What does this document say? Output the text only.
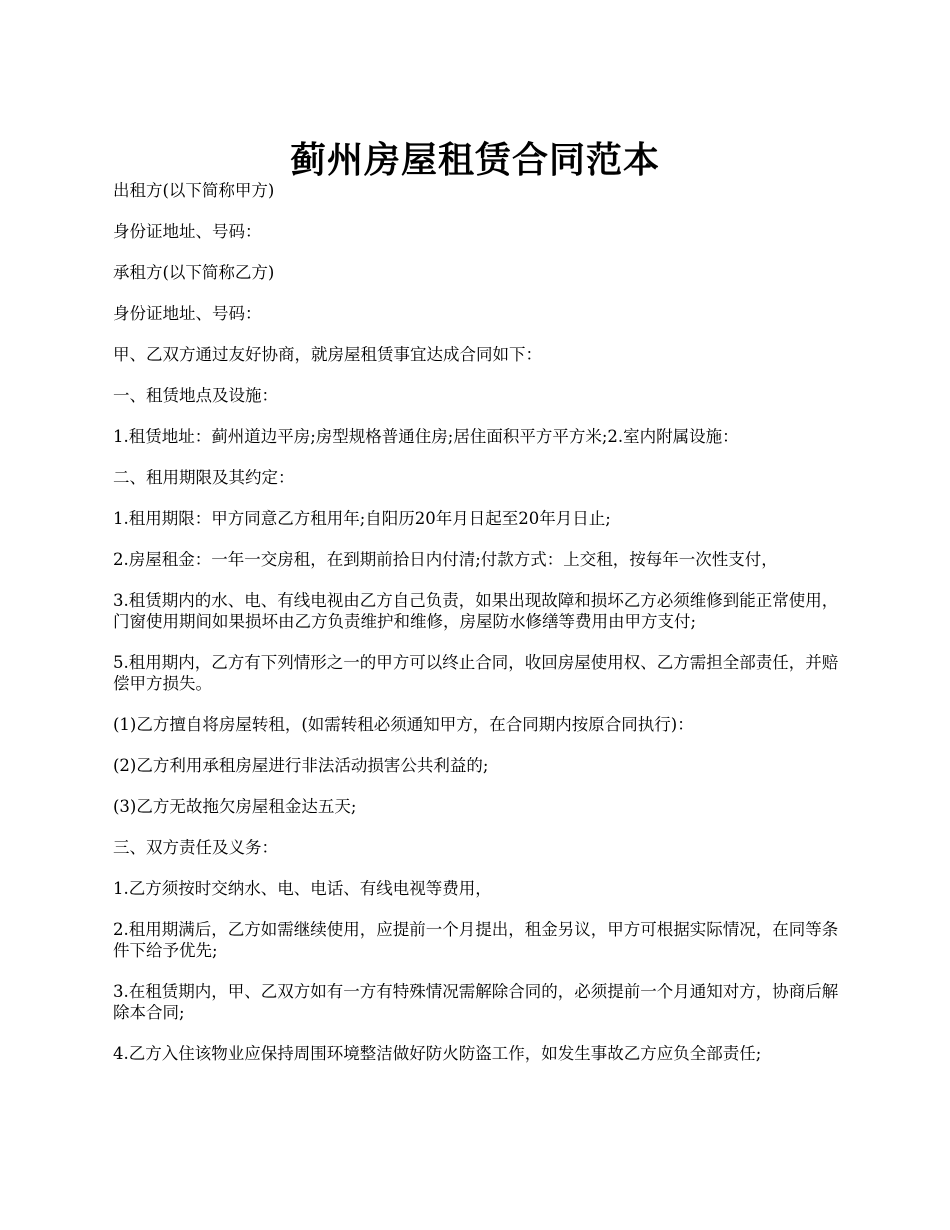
蓟州房屋租赁合同范本

出租方(以下简称甲方)

身份证地址、号码：

承租方(以下简称乙方)

身份证地址、号码：

甲、乙双方通过友好协商，就房屋租赁事宜达成合同如下：

一、租赁地点及设施：

1.租赁地址：蓟州道边平房;房型规格普通住房;居住面积平方平方米;2.室内附属设施：

二、租用期限及其约定：

1.租用期限：甲方同意乙方租用年;自阳历20年月日起至20年月日止;

2.房屋租金：一年一交房租，在到期前拾日内付清;付款方式：上交租，按每年一次性支付，

3.租赁期内的水、电、有线电视由乙方自己负责，如果出现故障和损坏乙方必须维修到能正常使用，门窗使用期间如果损坏由乙方负责维护和维修，房屋防水修缮等费用由甲方支付;

5.租用期内，乙方有下列情形之一的甲方可以终止合同，收回房屋使用权、乙方需担全部责任，并赔偿甲方损失。

(1)乙方擅自将房屋转租，(如需转租必须通知甲方，在合同期内按原合同执行)：

(2)乙方利用承租房屋进行非法活动损害公共利益的;

(3)乙方无故拖欠房屋租金达五天;

三、双方责任及义务：

1.乙方须按时交纳水、电、电话、有线电视等费用，

2.租用期满后，乙方如需继续使用，应提前一个月提出，租金另议，甲方可根据实际情况，在同等条件下给予优先;

3.在租赁期内，甲、乙双方如有一方有特殊情况需解除合同的，必须提前一个月通知对方，协商后解除本合同;

4.乙方入住该物业应保持周围环境整洁做好防火防盗工作，如发生事故乙方应负全部责任;
